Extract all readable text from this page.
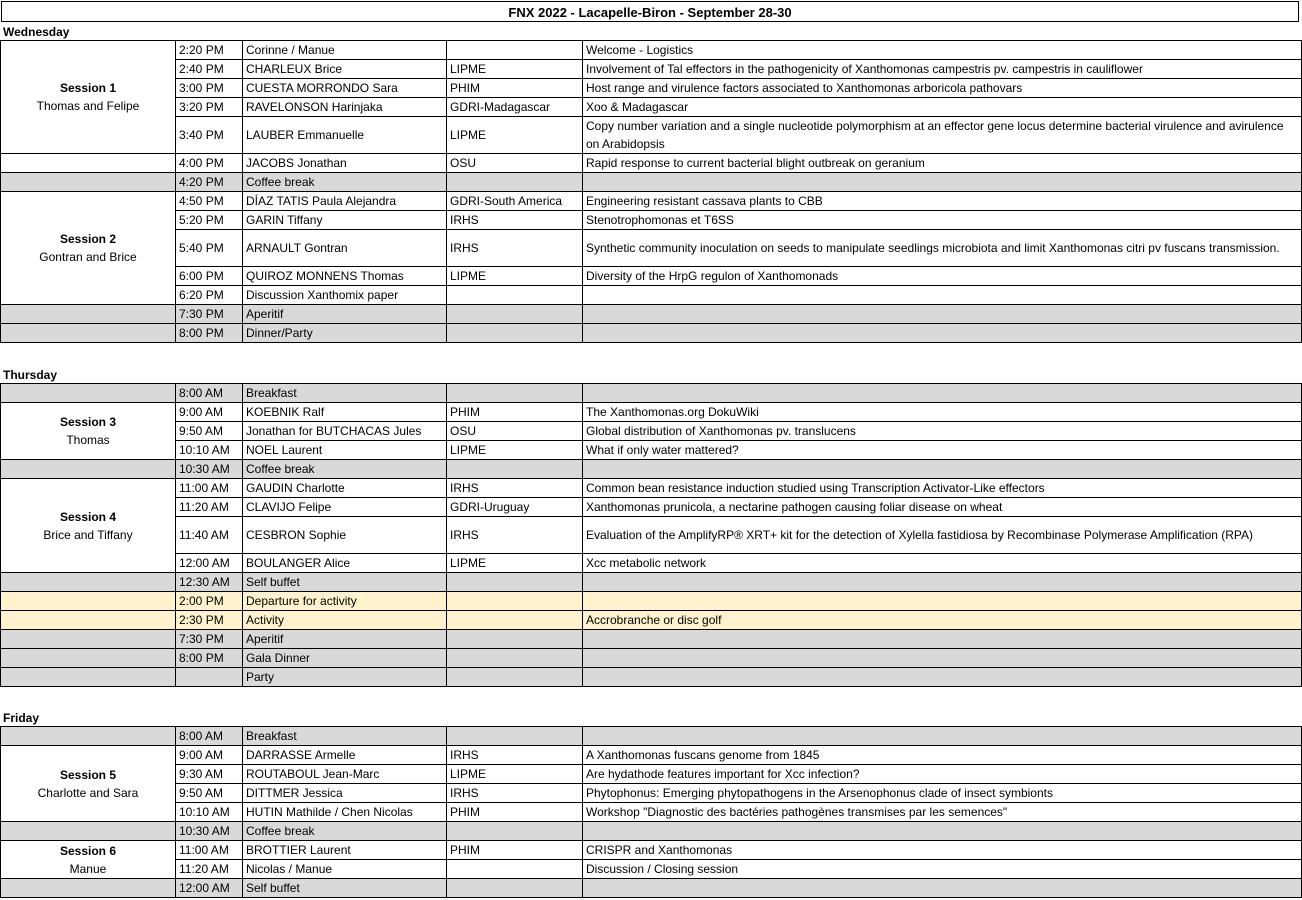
FNX 2022 - Lacapelle-Biron - September 28-30
Wednesday
Session 1
Thomas and Felipe	2:20 PM	Corinne / Manue		Welcome - Logistics
	2:40 PM	CHARLEUX Brice	LIPME	Involvement of Tal effectors in the pathogenicity of Xanthomonas campestris pv. campestris in cauliflower
	3:00 PM	CUESTA MORRONDO Sara	PHIM	Host range and virulence factors associated to Xanthomonas arboricola pathovars
	3:20 PM	RAVELONSON Harinjaka	GDRI-Madagascar	Xoo & Madagascar
	3:40 PM	LAUBER Emmanuelle	LIPME	Copy number variation and a single nucleotide polymorphism at an effector gene locus determine bacterial virulence and avirulence on Arabidopsis
	4:00 PM	JACOBS Jonathan	OSU	Rapid response to current bacterial blight outbreak on geranium
	4:20 PM	Coffee break		

Session 2
Gontran and Brice	4:50 PM	DÍAZ TATIS Paula Alejandra	GDRI-South America	Engineering resistant cassava plants to CBB
	5:20 PM	GARIN Tiffany	IRHS	Stenotrophomonas et T6SS
	5:40 PM	ARNAULT Gontran	IRHS	Synthetic community inoculation on seeds to manipulate seedlings microbiota and limit Xanthomonas citri pv fuscans transmission.
	6:00 PM	QUIROZ MONNENS Thomas	LIPME	Diversity of the HrpG regulon of Xanthomonads
	6:20 PM	Discussion Xanthomix paper		
	7:30 PM	Aperitif		
	8:00 PM	Dinner/Party		
Thursday
	8:00 AM	Breakfast		

Session 3
Thomas	9:00 AM	KOEBNIK Ralf	PHIM	The Xanthomonas.org DokuWiki
	9:50 AM	Jonathan for BUTCHACAS Jules	OSU	Global distribution of Xanthomonas pv. translucens
	10:10 AM	NOEL Laurent	LIPME	What if only water mattered?
	10:30 AM	Coffee break		

Session 4
Brice and Tiffany	11:00 AM	GAUDIN Charlotte	IRHS	Common bean resistance induction studied using Transcription Activator-Like effectors
	11:20 AM	CLAVIJO Felipe	GDRI-Uruguay	Xanthomonas prunicola, a nectarine pathogen causing foliar disease on wheat
	11:40 AM	CESBRON Sophie	IRHS	Evaluation of the AmplifyRP® XRT+ kit for the detection of Xylella fastidiosa by Recombinase Polymerase Amplification (RPA)
	12:00 AM	BOULANGER Alice	LIPME	Xcc metabolic network
	12:30 AM	Self buffet		
	2:00 PM	Departure for activity		
	2:30 PM	Activity		Accrobranche or disc golf
	7:30 PM	Aperitif		
	8:00 PM	Gala Dinner		
		Party		
Friday
	8:00 AM	Breakfast		

Session 5
Charlotte and Sara	9:00 AM	DARRASSE Armelle	IRHS	A Xanthomonas fuscans genome from 1845
	9:30 AM	ROUTABOUL Jean-Marc	LIPME	Are hydathode features important for Xcc infection?
	9:50 AM	DITTMER Jessica	IRHS	Phytophonus: Emerging phytopathogens in the Arsenophonus clade of insect symbionts
	10:10 AM	HUTIN Mathilde / Chen Nicolas	PHIM	Workshop "Diagnostic des bactéries pathogènes transmises par les semences"
	10:30 AM	Coffee break		

Session 6
Manue	11:00 AM	BROTTIER Laurent	PHIM	CRISPR and Xanthomonas
	11:20 AM	Nicolas / Manue		Discussion / Closing session
	12:00 AM	Self buffet		
